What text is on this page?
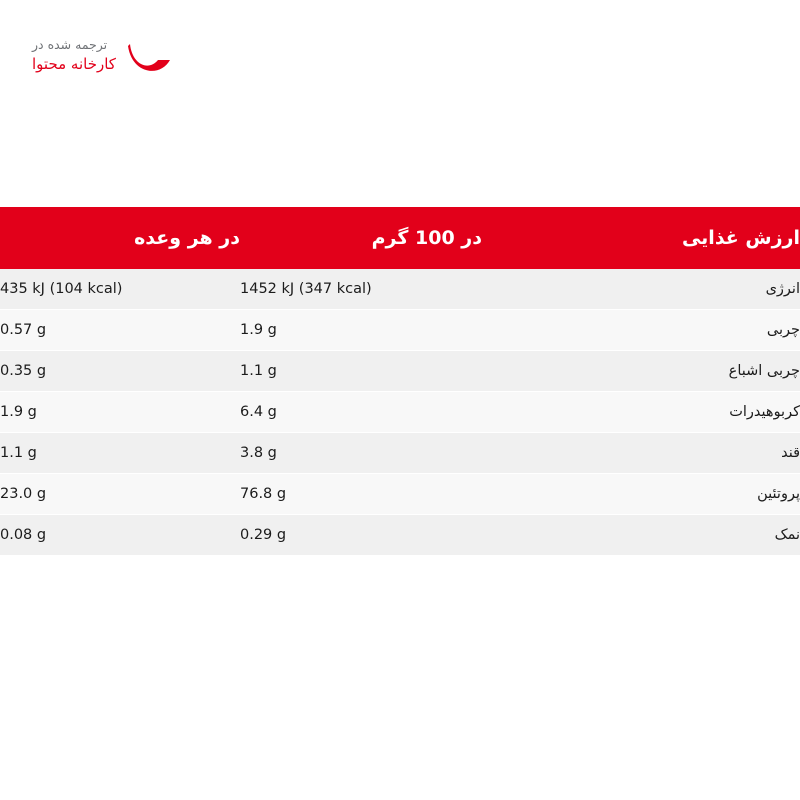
ترجمه شده در
کارخانه محتوا
ارزش غذایی	در 100 گرم	در هر وعده
انرژی	1452 kJ (347 kcal)	435 kJ (104 kcal)
چربی	1.9 g	0.57 g
چربی اشباع	1.1 g	0.35 g
کربوهیدرات	6.4 g	1.9 g
قند	3.8 g	1.1 g
پروتئین	76.8 g	23.0 g
نمک	0.29 g	0.08 g
